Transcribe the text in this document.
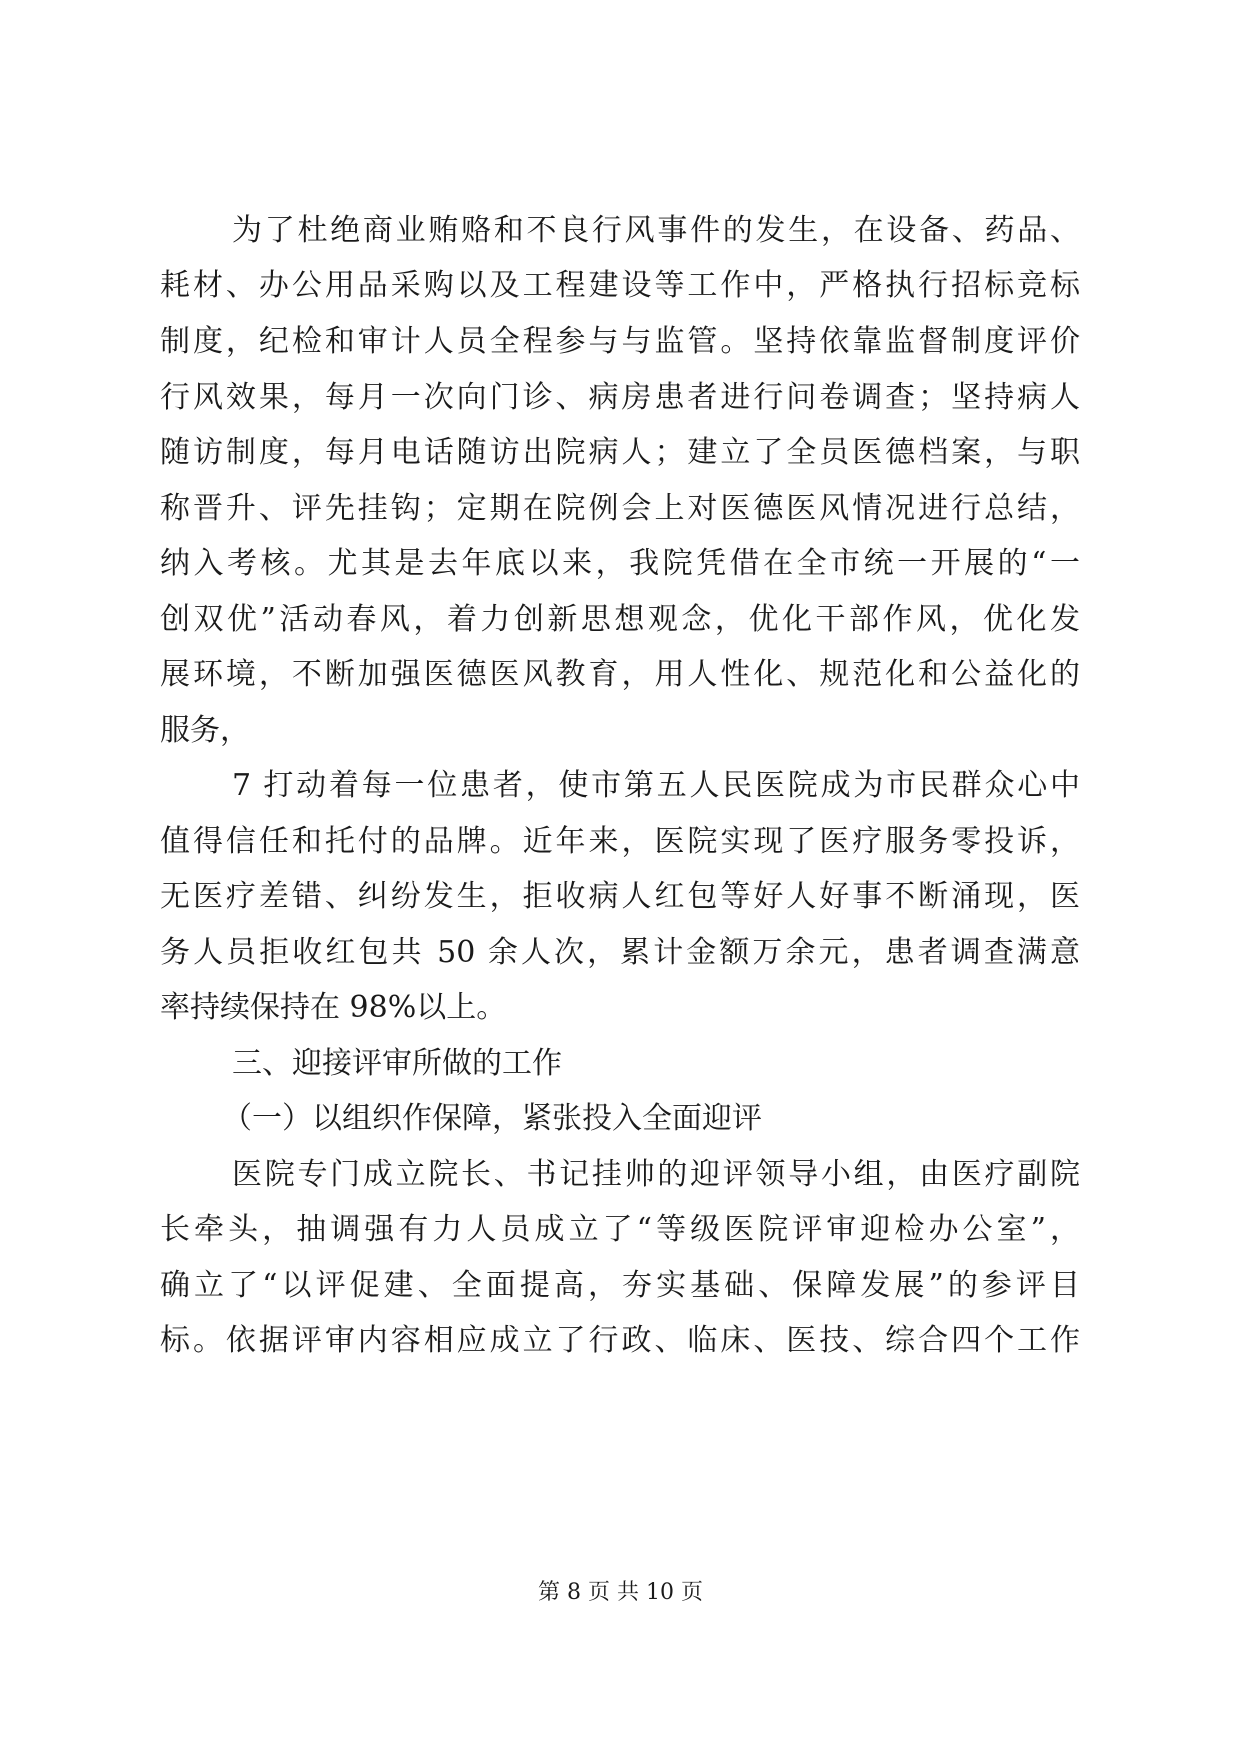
为了杜绝商业贿赂和不良行风事件的发生，在设备、药品、
耗材、办公用品采购以及工程建设等工作中，严格执行招标竞标
制度，纪检和审计人员全程参与与监管。坚持依靠监督制度评价
行风效果，每月一次向门诊、病房患者进行问卷调查；坚持病人
随访制度，每月电话随访出院病人；建立了全员医德档案，与职
称晋升、评先挂钩；定期在院例会上对医德医风情况进行总结，
纳入考核。尤其是去年底以来，我院凭借在全市统一开展的“一
创双优”活动春风，着力创新思想观念，优化干部作风，优化发
展环境，不断加强医德医风教育，用人性化、规范化和公益化的
服务，
7 打动着每一位患者，使市第五人民医院成为市民群众心中
值得信任和托付的品牌。近年来，医院实现了医疗服务零投诉，
无医疗差错、纠纷发生，拒收病人红包等好人好事不断涌现，医
务人员拒收红包共 50 余人次，累计金额万余元，患者调查满意
率持续保持在 98%以上。
三、迎接评审所做的工作
（一）以组织作保障，紧张投入全面迎评
医院专门成立院长、书记挂帅的迎评领导小组，由医疗副院
长牵头，抽调强有力人员成立了“等级医院评审迎检办公室”，
确立了“以评促建、全面提高，夯实基础、保障发展”的参评目
标。依据评审内容相应成立了行政、临床、医技、综合四个工作
第 8 页 共 10 页
